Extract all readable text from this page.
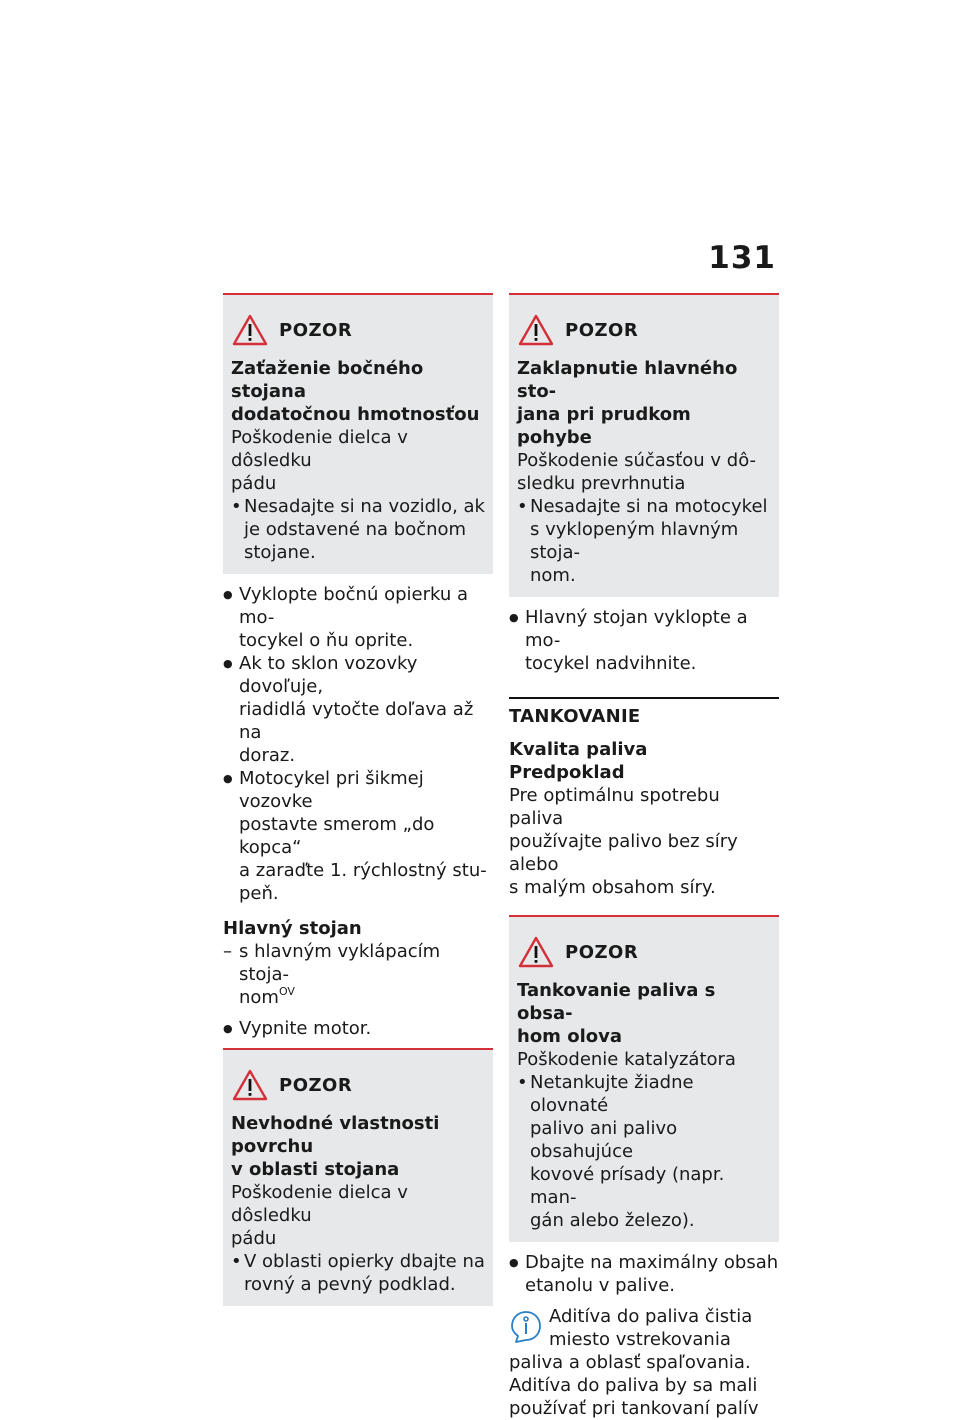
131
POZOR

Zaťaženie bočného stojana
dodatočnou hmotnosťou

Poškodenie dielca v dôsledku
pádu

• Nesadajte si na vozidlo, ak
je odstavené na bočnom
stojane.

● Vyklopte bočnú opierku a mo-
tocykel o ňu oprite.

● Ak to sklon vozovky dovoľuje,
riadidlá vytočte doľava až na
doraz.

● Motocykel pri šikmej vozovke
postavte smerom „do kopca“
a zaraďte 1. rýchlostný stu-
peň.

Hlavný stojan

– s hlavným vyklápacím stoja-
nom$^{OV}$

● Vypnite motor.

POZOR

Nevhodné vlastnosti povrchu
v oblasti stojana

Poškodenie dielca v dôsledku
pádu

• V oblasti opierky dbajte na
rovný a pevný podklad.

POZOR

Zaklapnutie hlavného sto-
jana pri prudkom pohybe

Poškodenie súčasťou v dô-
sledku prevrhnutia

• Nesadajte si na motocykel
s vyklopeným hlavným stoja-
nom.

● Hlavný stojan vyklopte a mo-
tocykel nadvihnite.

TANKOVANIE

Kvalita paliva

Predpoklad

Pre optimálnu spotrebu paliva
používajte palivo bez síry alebo
s malým obsahom síry.

POZOR

Tankovanie paliva s obsa-
hom olova

Poškodenie katalyzátora

• Netankujte žiadne olovnaté
palivo ani palivo obsahujúce
kovové prísady (napr. man-
gán alebo železo).

● Dbajte na maximálny obsah
etanolu v palive.

Aditíva do paliva čistia
miesto vstrekovania

paliva a oblasť spaľovania.
Aditíva do paliva by sa mali
používať pri tankovaní palív
